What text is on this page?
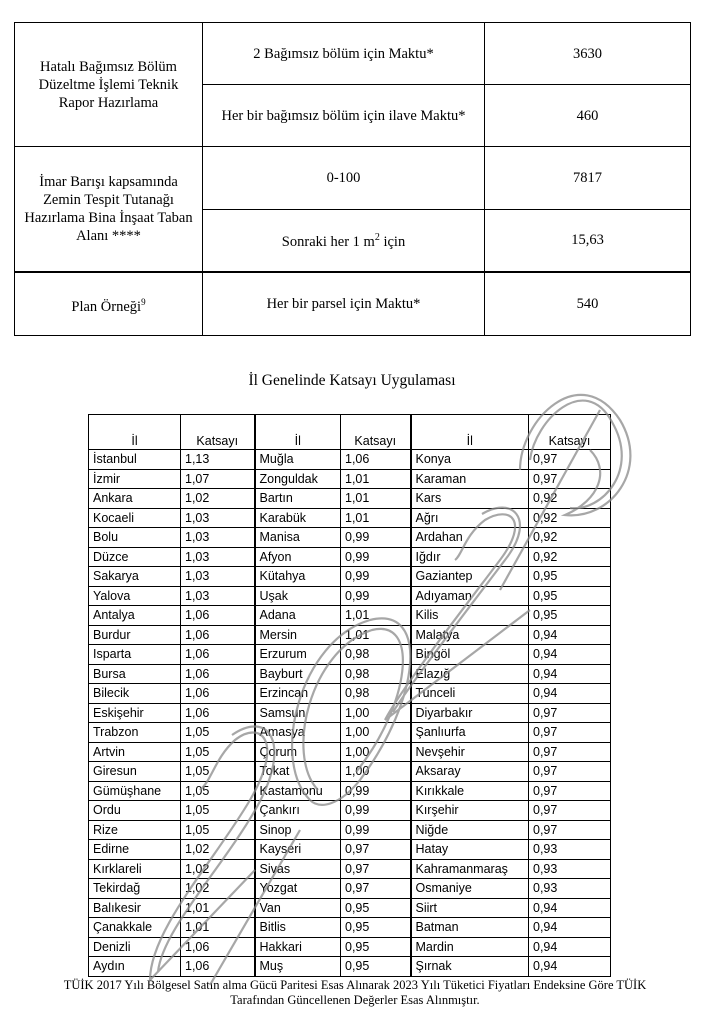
Hatalı Bağımsız Bölüm Düzeltme İşlemi Teknik Rapor Hazırlama	2 Bağımsız bölüm için Maktu*	3630
	Her bir bağımsız bölüm için ilave Maktu*	460
İmar Barışı kapsamında Zemin Tespit Tutanağı Hazırlama Bina İnşaat Taban Alanı ****	0-100	7817
	Sonraki her 1 $m^2$ için	15,63
Plan Örneği$^9$	Her bir parsel için Maktu*	540
İl Genelinde Katsayı Uygulaması
İl	Katsayı	İl	Katsayı	İl	Katsayı
İstanbul	1,13	Muğla	1,06	Konya	0,97
İzmir	1,07	Zonguldak	1,01	Karaman	0,97
Ankara	1,02	Bartın	1,01	Kars	0,92
Kocaeli	1,03	Karabük	1,01	Ağrı	0,92
Bolu	1,03	Manisa	0,99	Ardahan	0,92
Düzce	1,03	Afyon	0,99	Iğdır	0,92
Sakarya	1,03	Kütahya	0,99	Gaziantep	0,95
Yalova	1,03	Uşak	0,99	Adıyaman	0,95
Antalya	1,06	Adana	1,01	Kilis	0,95
Burdur	1,06	Mersin	1,01	Malatya	0,94
Isparta	1,06	Erzurum	0,98	Bingöl	0,94
Bursa	1,06	Bayburt	0,98	Elazığ	0,94
Bilecik	1,06	Erzincan	0,98	Tunceli	0,94
Eskişehir	1,06	Samsun	1,00	Diyarbakır	0,97
Trabzon	1,05	Amasya	1,00	Şanlıurfa	0,97
Artvin	1,05	Çorum	1,00	Nevşehir	0,97
Giresun	1,05	Tokat	1,00	Aksaray	0,97
Gümüşhane	1,05	Kastamonu	0,99	Kırıkkale	0,97
Ordu	1,05	Çankırı	0,99	Kırşehir	0,97
Rize	1,05	Sinop	0,99	Niğde	0,97
Edirne	1,02	Kayseri	0,97	Hatay	0,93
Kırklareli	1,02	Sivas	0,97	Kahramanmaraş	0,93
Tekirdağ	1,02	Yozgat	0,97	Osmaniye	0,93
Balıkesir	1,01	Van	0,95	Siirt	0,94
Çanakkale	1,01	Bitlis	0,95	Batman	0,94
Denizli	1,06	Hakkari	0,95	Mardin	0,94
Aydın	1,06	Muş	0,95	Şırnak	0,94
TÜİK 2017 Yılı Bölgesel Satın alma Gücü Paritesi Esas Alınarak 2023 Yılı Tüketici Fiyatları Endeksine Göre TÜİK Tarafından Güncellenen Değerler Esas Alınmıştır.
